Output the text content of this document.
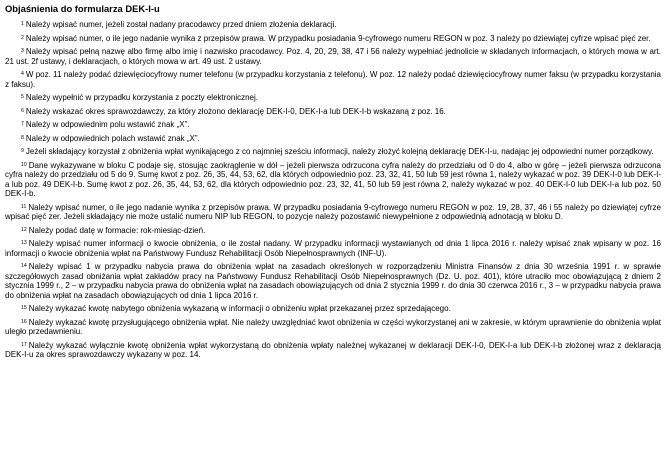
Objaśnienia do formularza DEK-I-u

$^1$ Należy wpisać numer, jeżeli został nadany pracodawcy przed dniem złożenia deklaracji.

$^2$ Należy wpisać numer, o ile jego nadanie wynika z przepisów prawa. W przypadku posiadania 9-cyfrowego numeru REGON w poz. 3 należy po dziewiątej cyfrze wpisać pięć zer.

$^3$ Należy wpisać pełną nazwę albo firmę albo imię i nazwisko pracodawcy. Poz. 4, 20, 29, 38, 47 i 56 należy wypełniać jednolicie w składanych informacjach, o których mowa w art. 21 ust. 2f ustawy, i deklaracjach, o których mowa w art. 49 ust. 2 ustawy.

$^4$ W poz. 11 należy podać dziewięciocyfrowy numer telefonu (w przypadku korzystania z telefonu). W poz. 12 należy podać dziewięciocyfrowy numer faksu (w przypadku korzystania z faksu).

$^5$ Należy wypełnić w przypadku korzystania z poczty elektronicznej.

$^6$ Należy wskazać okres sprawozdawczy, za który złożono deklarację DEK-I-0, DEK-I-a lub DEK-I-b wskazaną z poz. 16.

$^7$ Należy w odpowiednim polu wstawić znak „X”.

$^8$ Należy w odpowiednich polach wstawić znak „X”.

$^9$ Jeżeli składający korzystał z obniżenia wpłat wynikającego z co najmniej sześciu informacji, należy złożyć kolejną deklarację DEK-I-u, nadając jej odpowiedni numer porządkowy.

$^{10}$ Dane wykazywane w bloku C podaje się, stosując zaokrąglenie w dół – jeżeli pierwsza odrzucona cyfra należy do przedziału od 0 do 4, albo w górę – jeżeli pierwsza odrzucona cyfra należy do przedziału od 5 do 9. Sumę kwot z poz. 26, 35, 44, 53, 62, dla których odpowiednio poz. 23, 32, 41, 50 lub 59 jest równa 1, należy wykazać w poz. 39 DEK-I-0 lub DEK-I-a lub poz. 49 DEK-I-b. Sumę kwot z poz. 26, 35, 44, 53, 62, dla których odpowiednio poz. 23, 32, 41, 50 lub 59 jest równa 2, należy wykazać w poz. 40 DEK-I-0 lub DEK-I-a lub poz. 50 DEK-I-b.

$^{11}$ Należy wpisać numer, o ile jego nadanie wynika z przepisów prawa. W przypadku posiadania 9-cyfrowego numeru REGON w poz. 19, 28, 37, 46 i 55 należy po dziewiątej cyfrze wpisać pięć zer. Jeżeli składający nie może ustalić numeru NIP lub REGON, to pozycje należy pozostawić niewypełnione z odpowiednią adnotacją w bloku D.

$^{12}$ Należy podać datę w formacie: rok-miesiąc-dzień.

$^{13}$ Należy wpisać numer informacji o kwocie obniżenia, o ile został nadany. W przypadku informacji wystawianych od dnia 1 lipca 2016 r. należy wpisać znak wpisany w poz. 16 informacji o kwocie obniżenia wpłat na Państwowy Fundusz Rehabilitacji Osób Niepełnosprawnych (INF-U).

$^{14}$ Należy wpisać 1 w przypadku nabycia prawa do obniżenia wpłat na zasadach określonych w rozporządzeniu Ministra Finansów z dnia 30 września 1991 r. w sprawie szczegółowych zasad obniżania wpłat zakładów pracy na Państwowy Fundusz Rehabilitacji Osób Niepełnosprawnych (Dz. U. poz. 401), które utraciło moc obowiązującą z dniem 2 stycznia 1999 r., 2 – w przypadku nabycia prawa do obniżenia wpłat na zasadach obowiązujących od dnia 2 stycznia 1999 r. do dnia 30 czerwca 2016 r., 3 – w przypadku nabycia prawa do obniżenia wpłat na zasadach obowiązujących od dnia 1 lipca 2016 r.

$^{15}$ Należy wykazać kwotę nabytego obniżenia wykazaną w informacji o obniżeniu wpłat przekazanej przez sprzedającego.

$^{16}$ Należy wykazać kwotę przysługującego obniżenia wpłat. Nie należy uwzględniać kwot obniżenia w części wykorzystanej ani w zakresie, w którym uprawnienie do obniżenia wpłat uległo przedawnieniu.

$^{17}$ Należy wykazać wyłącznie kwotę obniżenia wpłat wykorzystaną do obniżenia wpłaty należnej wykazanej w deklaracji DEK-I-0, DEK-I-a lub DEK-I-b złożonej wraz z deklaracją DEK-I-u za okres sprawozdawczy wykazany w poz. 14.
